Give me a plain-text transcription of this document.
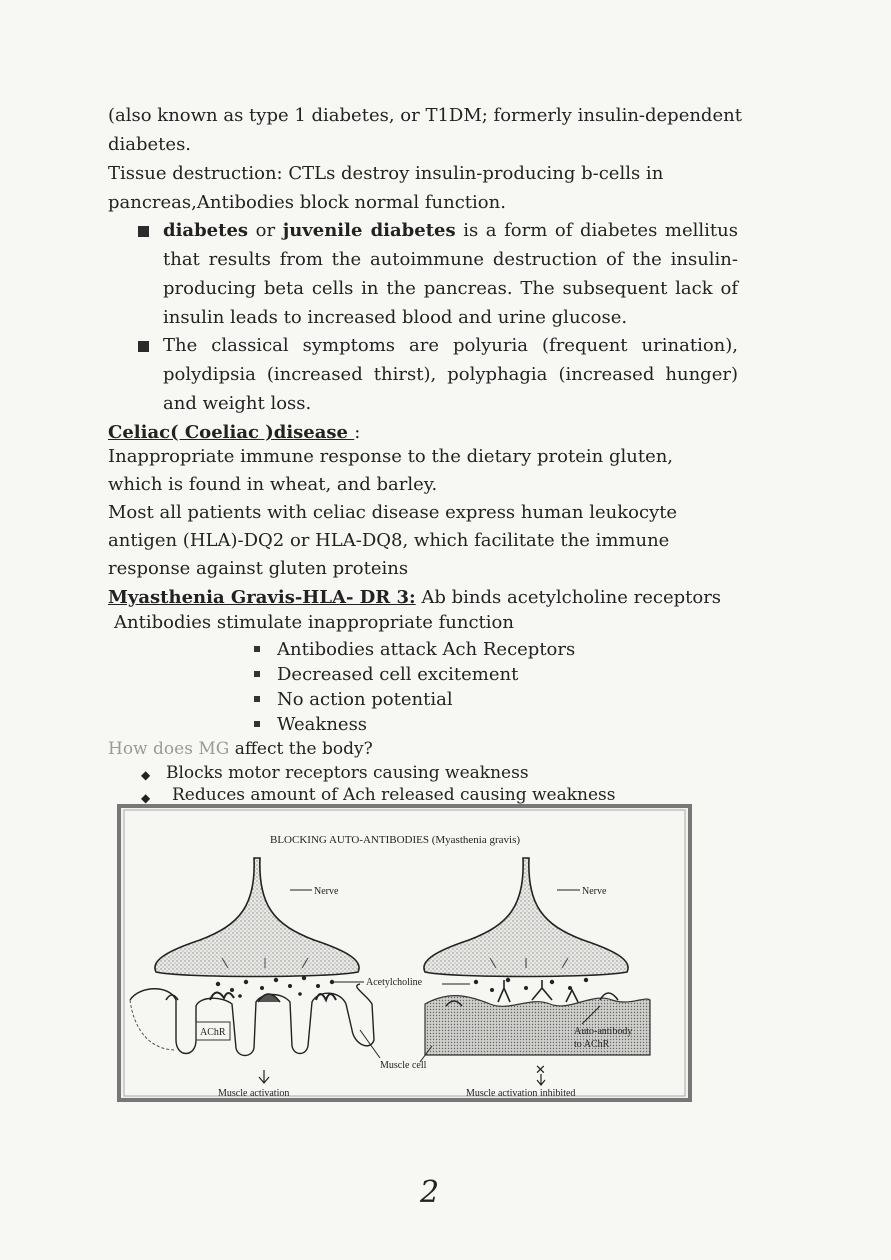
(also known as type 1 diabetes, or T1DM; formerly insulin-dependent
diabetes.
Tissue destruction: CTLs destroy insulin-producing b-cells in
pancreas,Antibodies block normal function.
diabetes or juvenile diabetes is a form of diabetes mellitus
that results from the autoimmune destruction of the insulin-
producing beta cells in the pancreas. The subsequent lack of
insulin leads to increased blood and urine glucose.
The classical symptoms are polyuria (frequent urination),
polydipsia (increased thirst), polyphagia (increased hunger)
and weight loss.
Celiac( Coeliac )disease :
Inappropriate immune response to the dietary protein gluten,
which is found in wheat, and barley.
Most all patients with celiac disease express human leukocyte
antigen (HLA)-DQ2 or HLA-DQ8, which facilitate the immune
response against gluten proteins
Myasthenia Gravis-HLA- DR 3: Ab binds acetylcholine receptors
Antibodies stimulate inappropriate function
Antibodies attack Ach Receptors
Decreased cell excitement
No action potential
Weakness
How does MG affect the body?
◆ Blocks motor receptors causing weakness
◆ Reduces amount of Ach released causing weakness
BLOCKING AUTO-ANTIBODIES (Myasthenia gravis)
Nerve	Nerve
Acetylcholine
AChR	Auto-antibody
to AChR
Muscle cell	✕
Muscle activation	Muscle activation inhibited
2
